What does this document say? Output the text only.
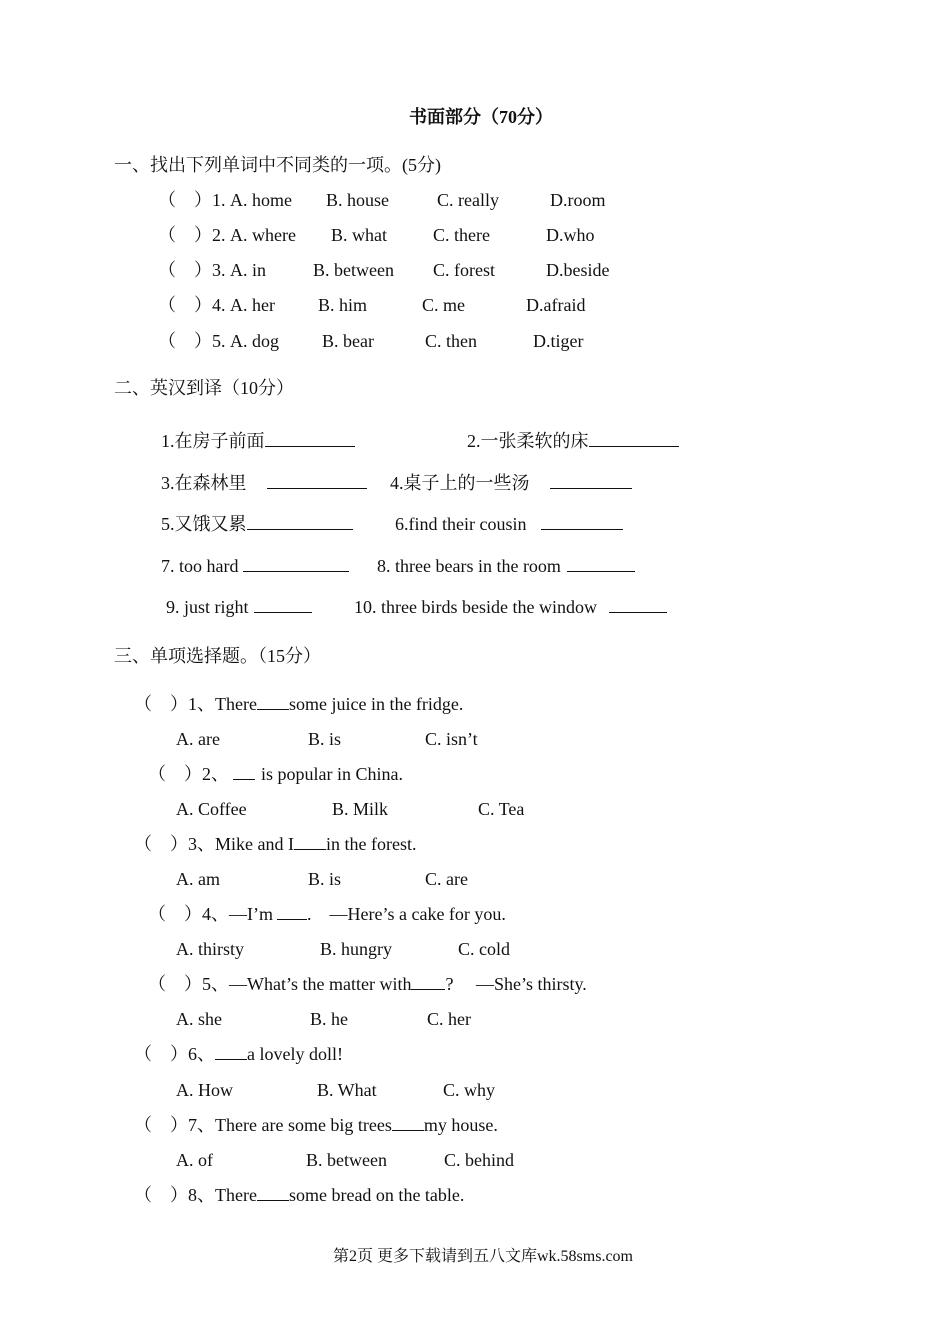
书面部分（70分）
一、找出下列单词中不同类的一项。(5分)
（　）1. A. home B. house	C. really	D.room
（　）2. A. where B. what	C. there	D.who
（　）3. A. in	B. between C. forest	D.beside
（　）4. A. her B. him	C. me	D.afraid
（　）5. A. dog B. bear	C. then	D.tiger
二、英汉到译（10分）
1.在房子前面	2.一张柔软的床
3.在森林里	4.桌子上的一些汤
5.又饿又累	6.find their cousin
7. too hard	8. three bears in the room
9. just right	10. three birds beside the window
三、单项选择题。（15分）
（　）1、There some juice in the fridge.
A. are	B. is	C. isn’t
（　）2、 is popular in China.
A. Coffee	B. Milk	C. Tea
（　）3、Mike and I in the forest.
A. am	B. is	C. are
（　）4、—I’m .　—Here’s a cake for you.
A. thirsty	B. hungry	C. cold
（　）5、—What’s the matter with ?　 —She’s thirsty.
A. she	B. he	C. her
（　）6、 a lovely doll!
A. How	B. What	C. why
（　）7、There are some big trees my house.
A. of	B. between	C. behind
（　）8、There some bread on the table.
第2页 更多下载请到五八文库wk.58sms.com
